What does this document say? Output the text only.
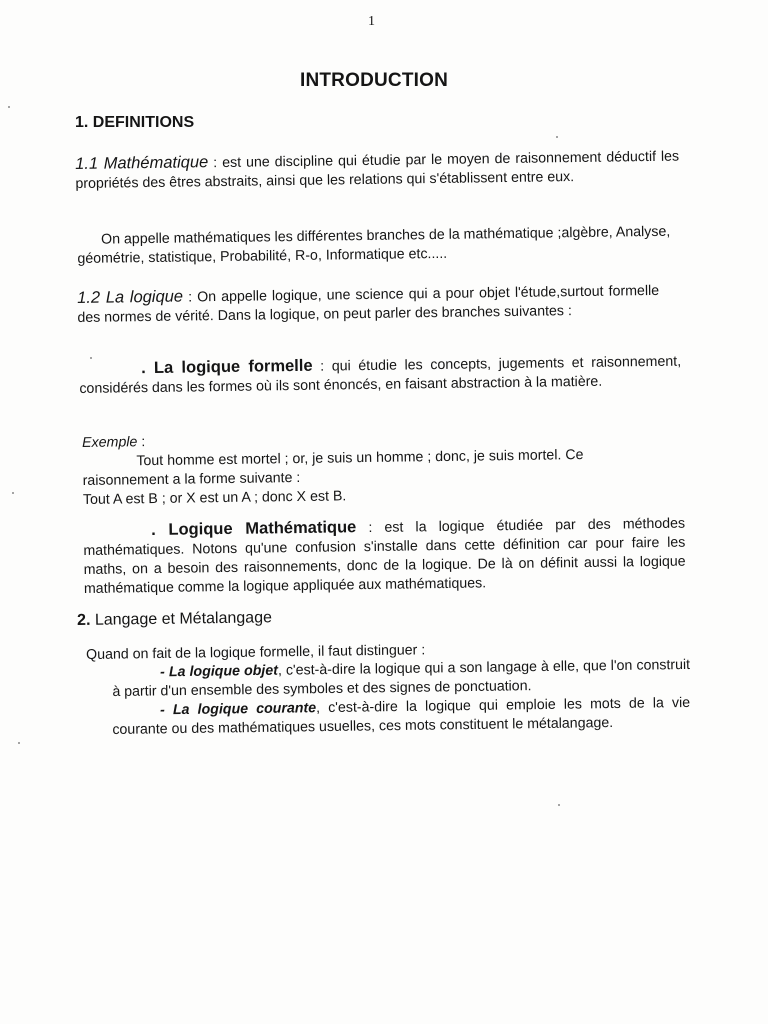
1
INTRODUCTION
1. DEFINITIONS

1.1 Mathématique : est une discipline qui étudie par le moyen de raisonnement déductif les propriétés des êtres abstraits, ainsi que les relations qui s'établissent entre eux.

On appelle mathématiques les différentes branches de la mathématique ;algèbre, Analyse, géométrie, statistique, Probabilité, R-o, Informatique etc.....

1.2 La logique : On appelle logique, une science qui a pour objet l'étude,surtout formelle des normes de vérité. Dans la logique, on peut parler des branches suivantes :

. La logique formelle : qui étudie les concepts, jugements et raisonnement, considérés dans les formes où ils sont énoncés, en faisant abstraction à la matière.

Exemple :
Tout homme est mortel ; or, je suis un homme ; donc, je suis mortel. Ce
raisonnement a la forme suivante :
Tout A est B ; or X est un A ; donc X est B.

. Logique Mathématique : est la logique étudiée par des méthodes mathématiques. Notons qu'une confusion s'installe dans cette définition car pour faire les maths, on a besoin des raisonnements, donc de la logique. De là on définit aussi la logique mathématique comme la logique appliquée aux mathématiques.

2. Langage et Métalangage

Quand on fait de la logique formelle, il faut distinguer :

- La logique objet, c'est-à-dire la logique qui a son langage à elle, que l'on construit à partir d'un ensemble des symboles et des signes de ponctuation.

- La logique courante, c'est-à-dire la logique qui emploie les mots de la vie courante ou des mathématiques usuelles, ces mots constituent le métalangage.
